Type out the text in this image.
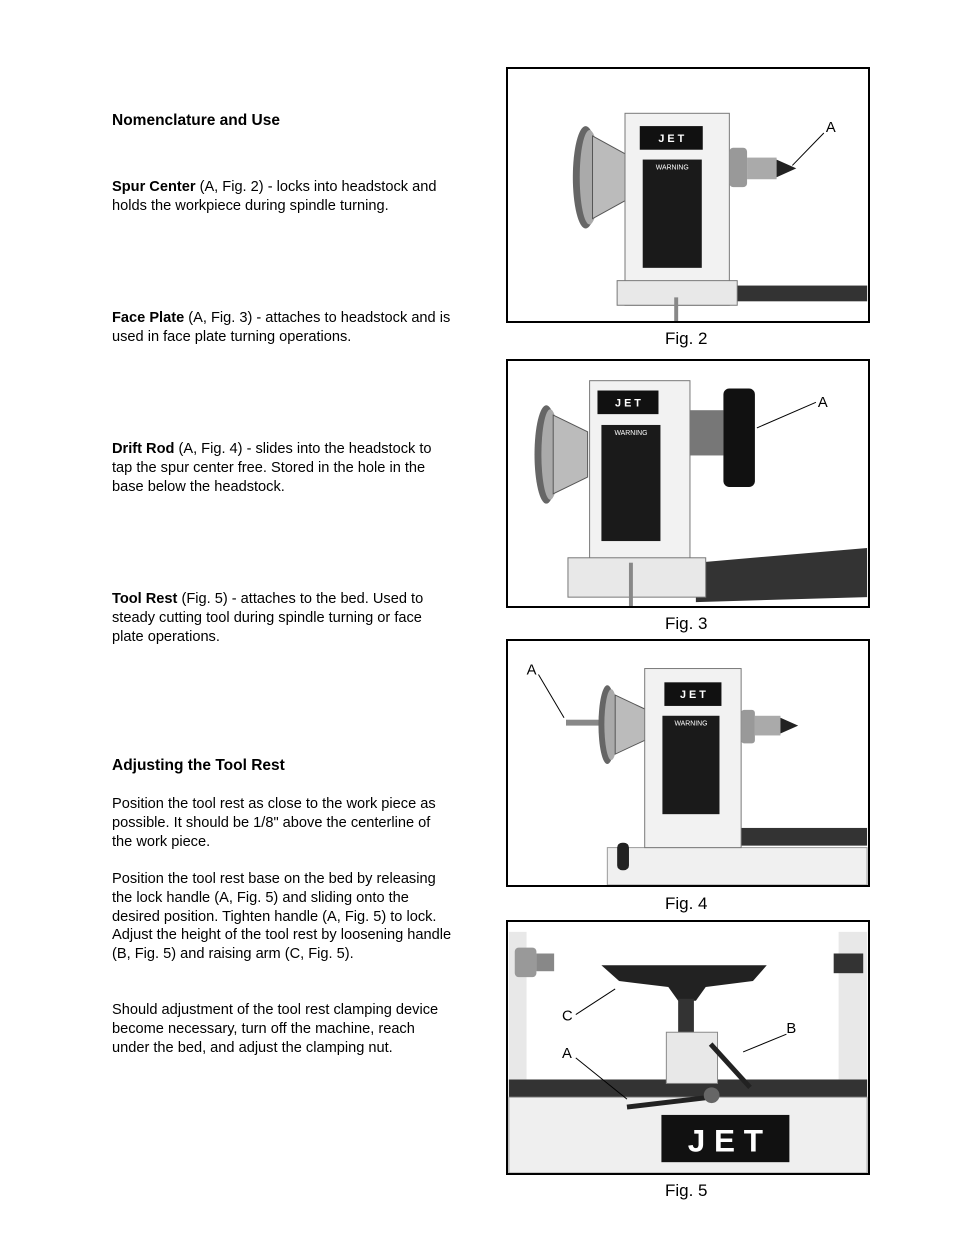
Nomenclature and Use
Spur Center (A, Fig. 2) - locks into headstock and holds the workpiece during spindle turning.
Face Plate (A, Fig. 3) - attaches to headstock and is used in face plate turning operations.
Drift Rod (A, Fig. 4) - slides into the headstock to tap the spur center free. Stored in the hole in the base below the headstock.
Tool Rest (Fig. 5) - attaches to the bed. Used to steady cutting tool during spindle turning or face plate operations.
Adjusting the Tool Rest
Position the tool rest as close to the work piece as possible. It should be 1/8" above the centerline of the work piece.
Position the tool rest base on the bed by releasing the lock handle (A, Fig. 5) and sliding onto the desired position. Tighten handle (A, Fig. 5) to lock. Adjust the height of the tool rest by loosening handle (B, Fig. 5) and raising arm (C, Fig. 5).
Should adjustment of the tool rest clamping device become necessary, turn off the machine, reach under the bed, and adjust the clamping nut.
J E T
WARNING
A
Fig. 2
J E T
WARNING
A
Fig. 3
J E T
WARNING
A
Fig. 4
J E T
C
B
A
Fig. 5
